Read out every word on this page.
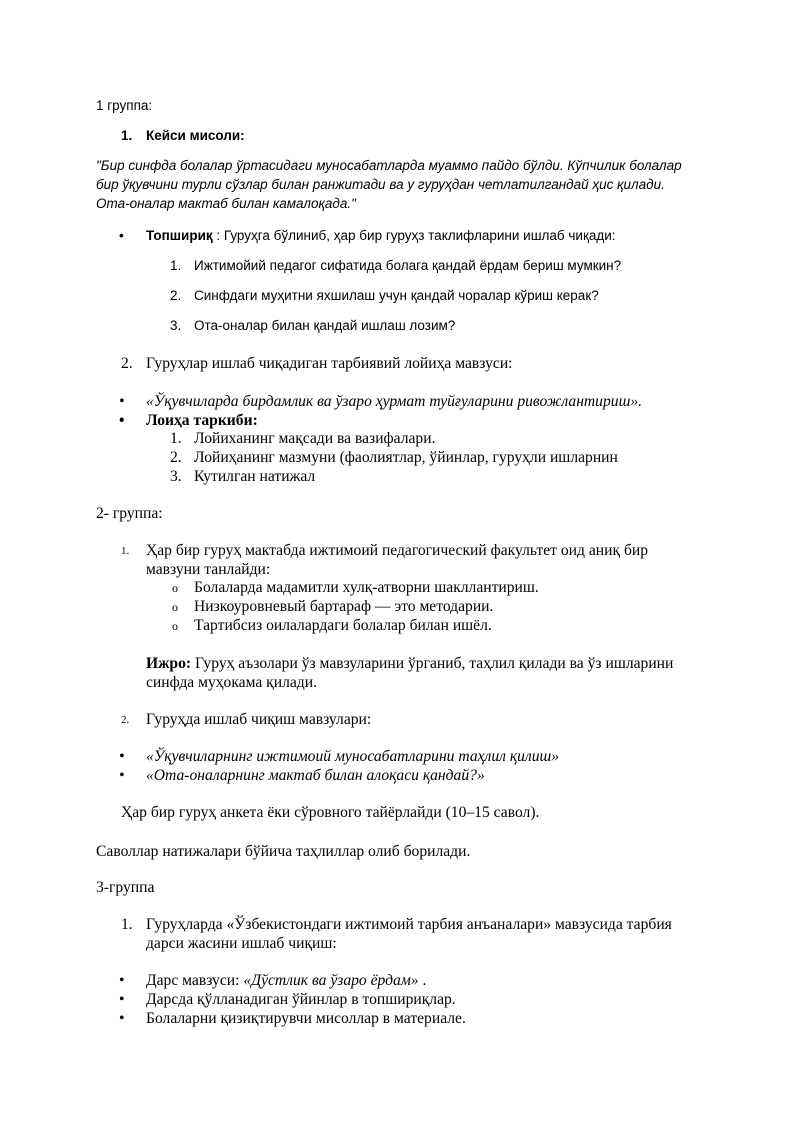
1 группа:
1. Кейси мисоли:
"Бир синфда болалар ўртасидаги муносабатларда муаммо пайдо бўлди. Кўпчилик болалар
бир ўқувчини турли сўзлар билан ранжитади ва у гуруҳдан четлатилгандай ҳис қилади.
Ота-оналар мактаб билан камалоқада."
• Топшириқ : Гуруҳга бўлиниб, ҳар бир гуруҳз таклифларини ишлаб чиқади:
1. Ижтимойий педагог сифатида болага қандай ёрдам бериш мумкин?
2. Синфдаги муҳитни яхшилаш учун қандай чоралар кўриш керак?
3. Ота-оналар билан қандай ишлаш лозим?
2. Гуруҳлар ишлаб чиқадиган тарбиявий лойиҳа мавзуси:
• «Ўқувчиларда бирдамлик ва ўзаро ҳурмат туйғуларини ривожлантириш».
• Лоиҳа таркиби:
1. Лойиханинг мақсади ва вазифалари.
2. Лойиҳанинг мазмуни (фаолиятлар, ўйинлар, гуруҳли ишларнин
3. Кутилган натижал
2- группа:
1. Ҳар бир гуруҳ мактабда ижтимоий педагогический факультет оид аниқ бир
мавзуни танлайди:
o Болаларда мадамитли хулқ-атворни шакллантириш.
o Низкоуровневый бартараф — это методарии.
o Тартибсиз оилалардаги болалар билан ишёл.
Ижро: Гуруҳ аъзолари ўз мавзуларини ўрганиб, таҳлил қилади ва ўз ишларини
синфда муҳокама қилади.
2. Гуруҳда ишлаб чиқиш мавзулари:
• «Ўқувчиларнинг ижтимоий муносабатларини таҳлил қилиш»
• «Ота-оналарнинг мактаб билан алоқаси қандай?»
Ҳар бир гуруҳ анкета ёки сўровного тайёрлайди (10–15 савол).
Саволлар натижалари бўйича таҳлиллар олиб борилади.
3-группа
1. Гуруҳларда «Ўзбекистондаги ижтимоий тарбия анъаналари» мавзусида тарбия
дарси жасини ишлаб чиқиш:
• Дарс мавзуси: «Дўстлик ва ўзаро ёрдам» .
• Дарсда қўлланадиган ўйинлар в топшириқлар.
• Болаларни қизиқтирувчи мисоллар в материале.
